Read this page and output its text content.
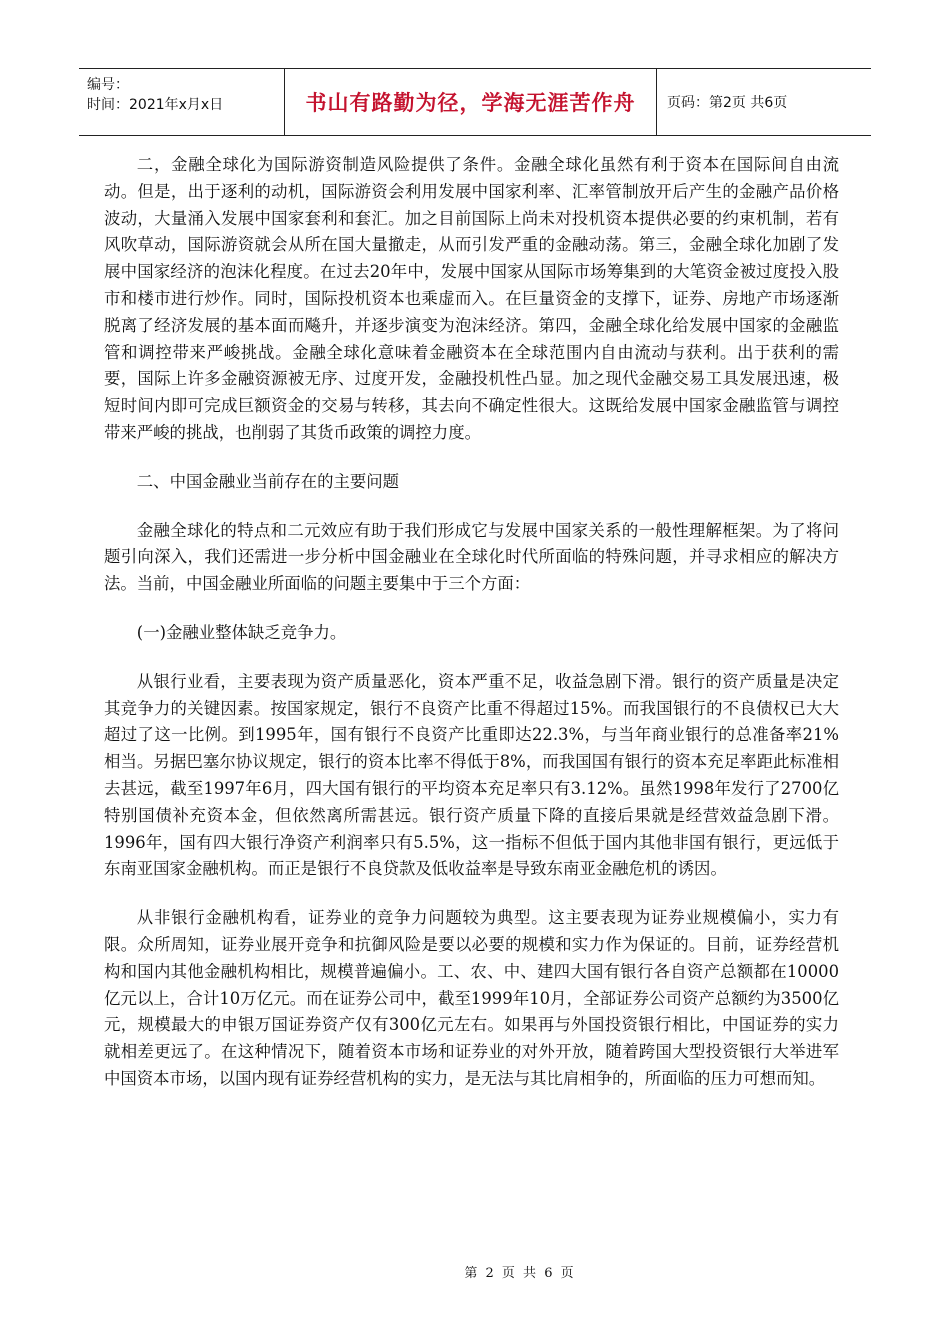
编号：
时间：2021年x月x日	书山有路勤为径，学海无涯苦作舟 页码：第2页 共6页

二，金融全球化为国际游资制造风险提供了条件。金融全球化虽然有利于资本在国际间自由流动。但是，出于逐利的动机，国际游资会利用发展中国家利率、汇率管制放开后产生的金融产品价格波动，大量涌入发展中国家套利和套汇。加之目前国际上尚未对投机资本提供必要的约束机制，若有风吹草动，国际游资就会从所在国大量撤走，从而引发严重的金融动荡。第三，金融全球化加剧了发展中国家经济的泡沫化程度。在过去20年中，发展中国家从国际市场筹集到的大笔资金被过度投入股市和楼市进行炒作。同时，国际投机资本也乘虚而入。在巨量资金的支撑下，证券、房地产市场逐渐脱离了经济发展的基本面而飚升，并逐步演变为泡沫经济。第四，金融全球化给发展中国家的金融监管和调控带来严峻挑战。金融全球化意味着金融资本在全球范围内自由流动与获利。出于获利的需要，国际上许多金融资源被无序、过度开发，金融投机性凸显。加之现代金融交易工具发展迅速，极短时间内即可完成巨额资金的交易与转移，其去向不确定性很大。这既给发展中国家金融监管与调控带来严峻的挑战，也削弱了其货币政策的调控力度。

二、中国金融业当前存在的主要问题

金融全球化的特点和二元效应有助于我们形成它与发展中国家关系的一般性理解框架。为了将问题引向深入，我们还需进一步分析中国金融业在全球化时代所面临的特殊问题，并寻求相应的解决方法。当前，中国金融业所面临的问题主要集中于三个方面：

(一)金融业整体缺乏竞争力。

从银行业看，主要表现为资产质量恶化，资本严重不足，收益急剧下滑。银行的资产质量是决定其竞争力的关键因素。按国家规定，银行不良资产比重不得超过15%。而我国银行的不良债权已大大超过了这一比例。到1995年，国有银行不良资产比重即达22.3%，与当年商业银行的总准备率21%相当。另据巴塞尔协议规定，银行的资本比率不得低于8%，而我国国有银行的资本充足率距此标准相去甚远，截至1997年6月，四大国有银行的平均资本充足率只有3.12%。虽然1998年发行了2700亿特别国债补充资本金，但依然离所需甚远。银行资产质量下降的直接后果就是经营效益急剧下滑。1996年，国有四大银行净资产利润率只有5.5%，这一指标不但低于国内其他非国有银行，更远低于东南亚国家金融机构。而正是银行不良贷款及低收益率是导致东南亚金融危机的诱因。

从非银行金融机构看，证券业的竞争力问题较为典型。这主要表现为证券业规模偏小，实力有限。众所周知，证券业展开竞争和抗御风险是要以必要的规模和实力作为保证的。目前，证券经营机构和国内其他金融机构相比，规模普遍偏小。工、农、中、建四大国有银行各自资产总额都在10000亿元以上，合计10万亿元。而在证券公司中，截至1999年10月，全部证券公司资产总额约为3500亿元，规模最大的申银万国证券资产仅有300亿元左右。如果再与外国投资银行相比，中国证券的实力就相差更远了。在这种情况下，随着资本市场和证券业的对外开放，随着跨国大型投资银行大举进军中国资本市场，以国内现有证券经营机构的实力，是无法与其比肩相争的，所面临的压力可想而知。

第 2 页 共 6 页
